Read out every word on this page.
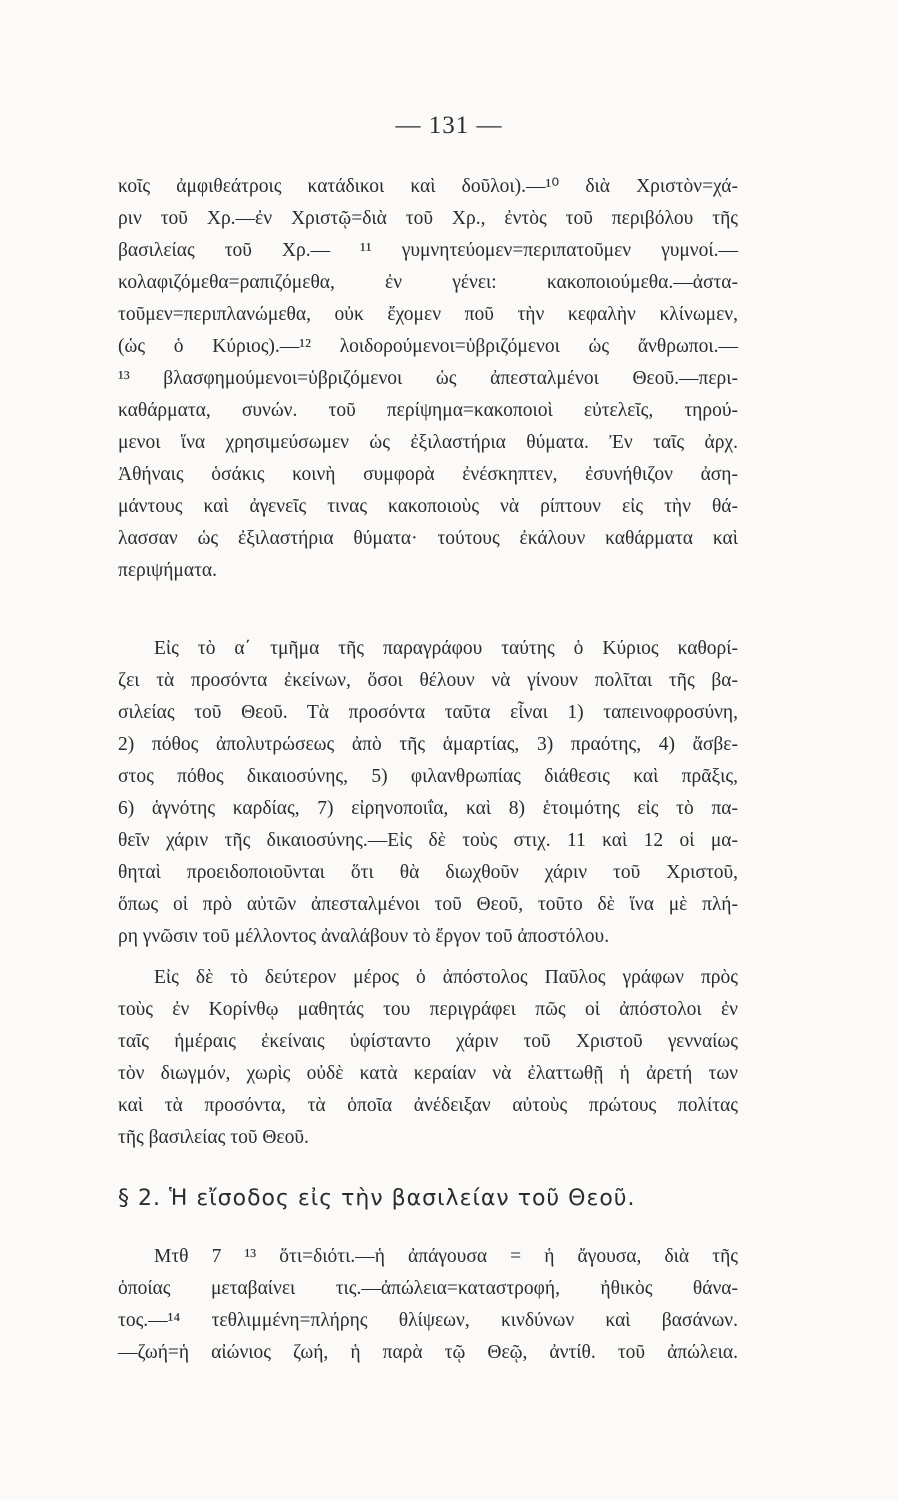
— 131 —
κοῖς ἀμφιθεάτροις κατάδικοι καὶ δοῦλοι).—¹⁰ διὰ Χριστὸν=χά-
ριν τοῦ Χρ.—ἐν Χριστῷ=διὰ τοῦ Χρ., ἐντὸς τοῦ περιβόλου τῆς
βασιλείας τοῦ Χρ.— ¹¹ γυμνητεύομεν=περιπατοῦμεν γυμνοί.—
κολαφιζόμεθα=ραπιζόμεθα, ἐν γένει: κακοποιούμεθα.—ἀστα-
τοῦμεν=περιπλανώμεθα, οὐκ ἔχομεν ποῦ τὴν κεφαλὴν κλίνωμεν,
(ὡς ὁ Κύριος).—¹² λοιδορούμενοι=ὑβριζόμενοι ὡς ἄνθρωποι.—
¹³ βλασφημούμενοι=ὑβριζόμενοι ὡς ἀπεσταλμένοι Θεοῦ.—περι-
καθάρματα, συνών. τοῦ περίψημα=κακοποιοὶ εὐτελεῖς, τηρού-
μενοι ἵνα χρησιμεύσωμεν ὡς ἐξιλαστήρια θύματα. Ἐν ταῖς ἀρχ.
Ἀθήναις ὁσάκις κοινὴ συμφορὰ ἐνέσκηπτεν, ἐσυνήθιζον ἀση-
μάντους καὶ ἀγενεῖς τινας κακοποιοὺς νὰ ρίπτουν εἰς τὴν θά-
λασσαν ὡς ἐξιλαστήρια θύματα· τούτους ἐκάλουν καθάρματα καὶ
περιψήματα.
Εἰς τὸ α΄ τμῆμα τῆς παραγράφου ταύτης ὁ Κύριος καθορί-
ζει τὰ προσόντα ἐκείνων, ὅσοι θέλουν νὰ γίνουν πολῖται τῆς βα-
σιλείας τοῦ Θεοῦ. Τὰ προσόντα ταῦτα εἶναι 1) ταπεινοφροσύνη,
2) πόθος ἀπολυτρώσεως ἀπὸ τῆς ἁμαρτίας, 3) πραότης, 4) ἄσβε-
στος πόθος δικαιοσύνης, 5) φιλανθρωπίας διάθεσις καὶ πρᾶξις,
6) ἁγνότης καρδίας, 7) εἰρηνοποιΐα, καὶ 8) ἑτοιμότης εἰς τὸ πα-
θεῖν χάριν τῆς δικαιοσύνης.—Εἰς δὲ τοὺς στιχ. 11 καὶ 12 οἱ μα-
θηταὶ προειδοποιοῦνται ὅτι θὰ διωχθοῦν χάριν τοῦ Χριστοῦ,
ὅπως οἱ πρὸ αὐτῶν ἀπεσταλμένοι τοῦ Θεοῦ, τοῦτο δὲ ἵνα μὲ πλή-
ρη γνῶσιν τοῦ μέλλοντος ἀναλάβουν τὸ ἔργον τοῦ ἀποστόλου.
Εἰς δὲ τὸ δεύτερον μέρος ὁ ἀπόστολος Παῦλος γράφων πρὸς
τοὺς ἐν Κορίνθῳ μαθητάς του περιγράφει πῶς οἱ ἀπόστολοι ἐν
ταῖς ἡμέραις ἐκείναις ὑφίσταντο χάριν τοῦ Χριστοῦ γενναίως
τὸν διωγμόν, χωρὶς οὐδὲ κατὰ κεραίαν νὰ ἐλαττωθῇ ἡ ἀρετή των
καὶ τὰ προσόντα, τὰ ὁποῖα ἀνέδειξαν αὐτοὺς πρώτους πολίτας
τῆς βασιλείας τοῦ Θεοῦ.
§ 2. Ἡ εἴσοδος εἰς τὴν βασιλείαν τοῦ Θεοῦ.
Μτθ 7 ¹³ ὅτι=διότι.—ἡ ἀπάγουσα = ἡ ἄγουσα, διὰ τῆς
ὁποίας μεταβαίνει τις.—ἀπώλεια=καταστροφή, ἠθικὸς θάνα-
τος.—¹⁴ τεθλιμμένη=πλήρης θλίψεων, κινδύνων καὶ βασάνων.
—ζωή=ἡ αἰώνιος ζωή, ἡ παρὰ τῷ Θεῷ, ἀντίθ. τοῦ ἀπώλεια.
